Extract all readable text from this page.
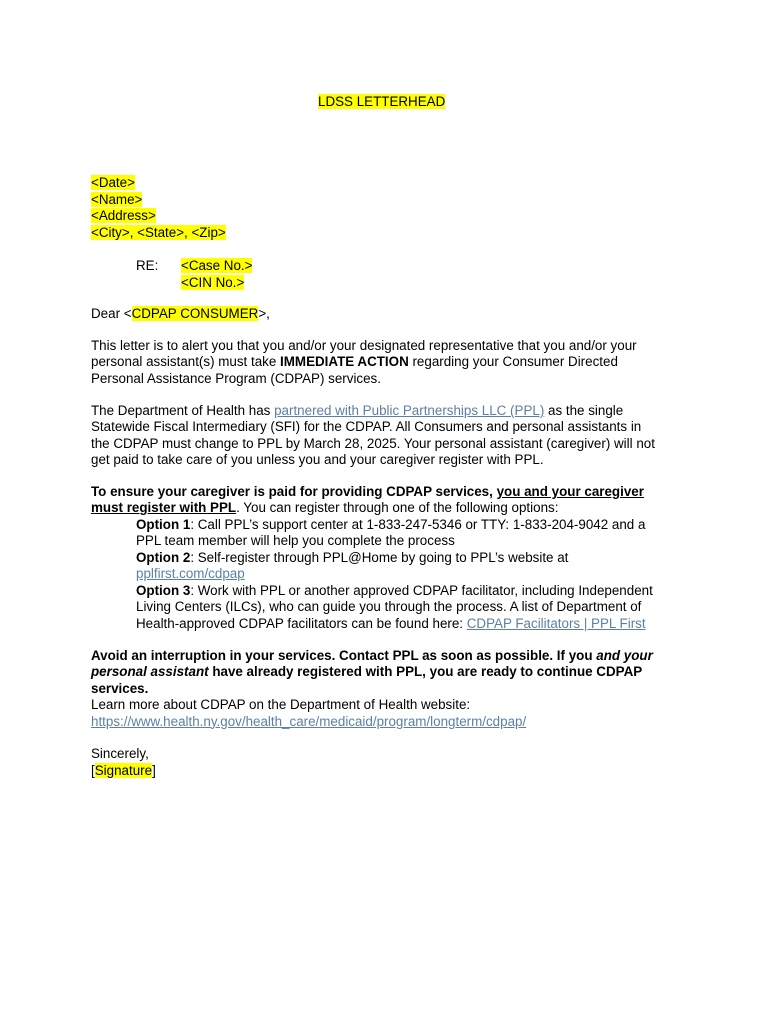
LDSS LETTERHEAD
<Date>
<Name>
<Address>
<City>, <State>, <Zip>
RE: <Case No.>
<CIN No.>
Dear <CDPAP CONSUMER>,
This letter is to alert you that you and/or your designated representative that you and/or your
personal assistant(s) must take IMMEDIATE ACTION regarding your Consumer Directed
Personal Assistance Program (CDPAP) services.
The Department of Health has partnered with Public Partnerships LLC (PPL) as the single
Statewide Fiscal Intermediary (SFI) for the CDPAP. All Consumers and personal assistants in
the CDPAP must change to PPL by March 28, 2025. Your personal assistant (caregiver) will not
get paid to take care of you unless you and your caregiver register with PPL.
To ensure your caregiver is paid for providing CDPAP services, you and your caregiver
must register with PPL. You can register through one of the following options:
Option 1: Call PPL’s support center at 1-833-247-5346 or TTY: 1-833-204-9042 and a
PPL team member will help you complete the process
Option 2: Self-register through PPL@Home by going to PPL’s website at
pplfirst.com/cdpap
Option 3: Work with PPL or another approved CDPAP facilitator, including Independent
Living Centers (ILCs), who can guide you through the process. A list of Department of
Health-approved CDPAP facilitators can be found here: CDPAP Facilitators | PPL First
Avoid an interruption in your services. Contact PPL as soon as possible. If you and your
personal assistant have already registered with PPL, you are ready to continue CDPAP
services.
Learn more about CDPAP on the Department of Health website:
https://www.health.ny.gov/health_care/medicaid/program/longterm/cdpap/
Sincerely,
[Signature]
